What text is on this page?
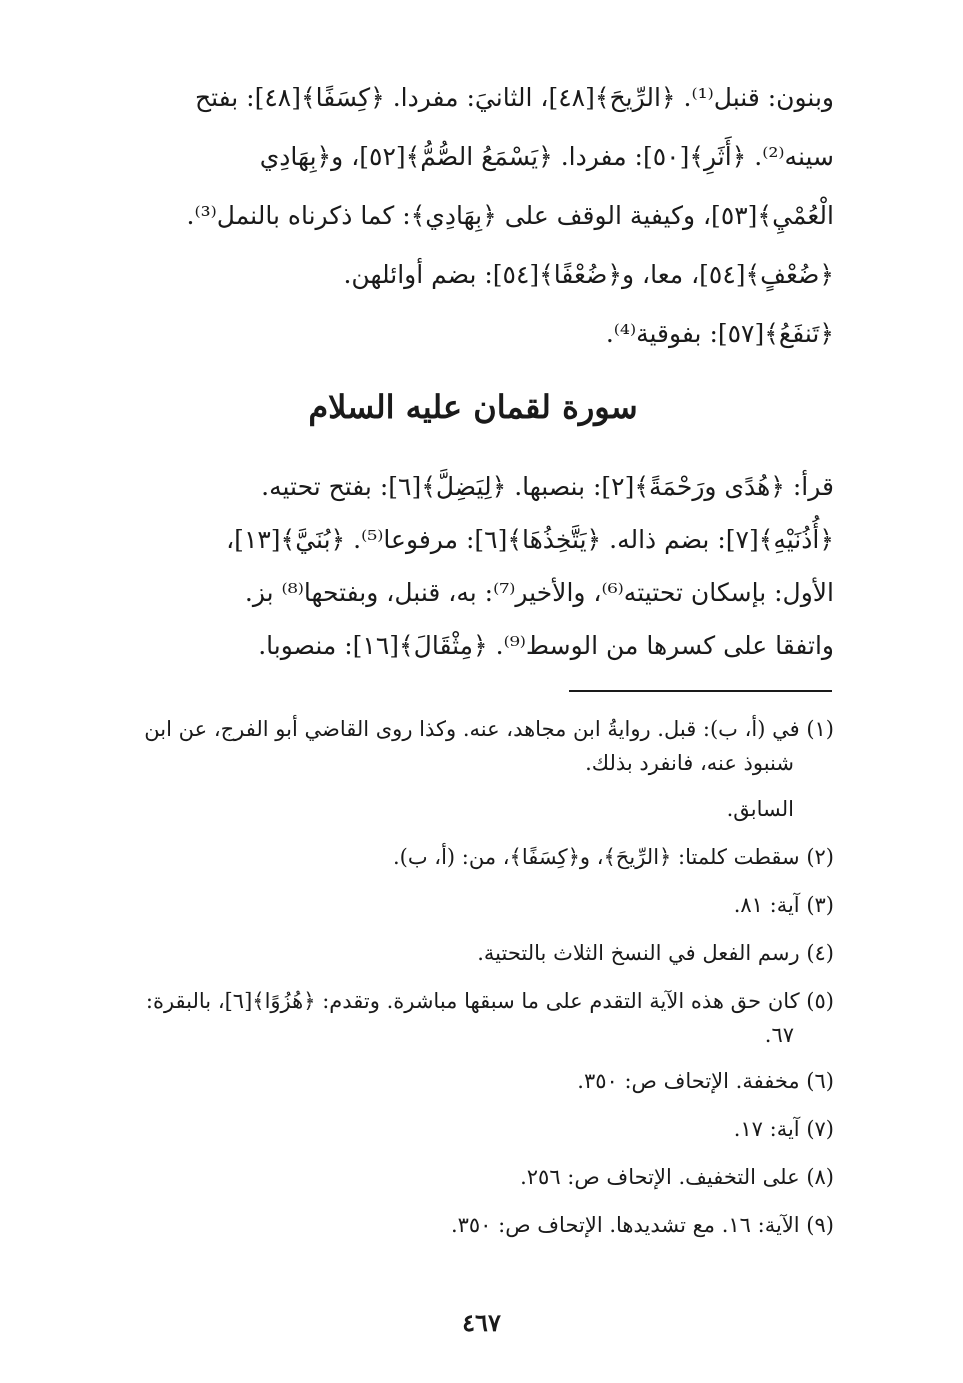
وبنون: قنبل⁽¹⁾. ﴿الرِّيحَ﴾[٤٨]، الثانيَ: مفردا. ﴿كِسَفًا﴾[٤٨]: بفتح

سينه⁽²⁾. ﴿أَثَرِ﴾[٥٠]: مفردا. ﴿يَسْمَعُ الصُّمُّ﴾[٥٢]، و﴿بِهَادِي

الْعُمْيِ﴾[٥٣]، وكيفية الوقف على ﴿بِهَادِي﴾: كما ذكرناه بالنمل⁽³⁾.

﴿ضُعْفٍ﴾[٥٤]، معا، و﴿ضُعْفًا﴾[٥٤]: بضم أوائلهن.

﴿تَنفَعُ﴾[٥٧]: بفوقية⁽⁴⁾.

سورة لقمان عليه السلام

قرأ: ﴿هُدًى ورَحْمَةً﴾[٢]: بنصبها. ﴿لِيَضِلَّ﴾[٦]: بفتح تحتيه.

﴿أُذُنَيْهِ﴾[٧]: بضم ذاله. ﴿يَتَّخِذُهَا﴾[٦]: مرفوعا⁽⁵⁾. ﴿بُنَيَّ﴾[١٣]،

الأول: بإسكان تحتيته⁽⁶⁾، والأخير⁽⁷⁾: به، قنبل، وبفتحها⁽⁸⁾ بز.

واتفقا على كسرها من الوسط⁽⁹⁾. ﴿مِثْقَالَ﴾[١٦]: منصوبا.

(١) في (أ، ب): قبل. روايةُ ابن مجاهد، عنه. وكذا روى القاضي أبو الفرج، عن ابن شنبوذ عنه، فانفرد بذلك.

السابق.

(٢) سقطت كلمتا: ﴿الرِّيحَ﴾، و﴿كِسَفًا﴾، من: (أ، ب).

(٣) آية: ٨١.

(٤) رسم الفعل في النسخ الثلاث بالتحتية.

(٥) كان حق هذه الآية التقدم على ما سبقها مباشرة. وتقدم: ﴿هُزُوًا﴾[٦]، بالبقرة: ٦٧.

(٦) مخففة. الإتحاف ص: ٣٥٠.

(٧) آية: ١٧.

(٨) على التخفيف. الإتحاف ص: ٢٥٦.

(٩) الآية: ١٦. مع تشديدها. الإتحاف ص: ٣٥٠.

٤٦٧
